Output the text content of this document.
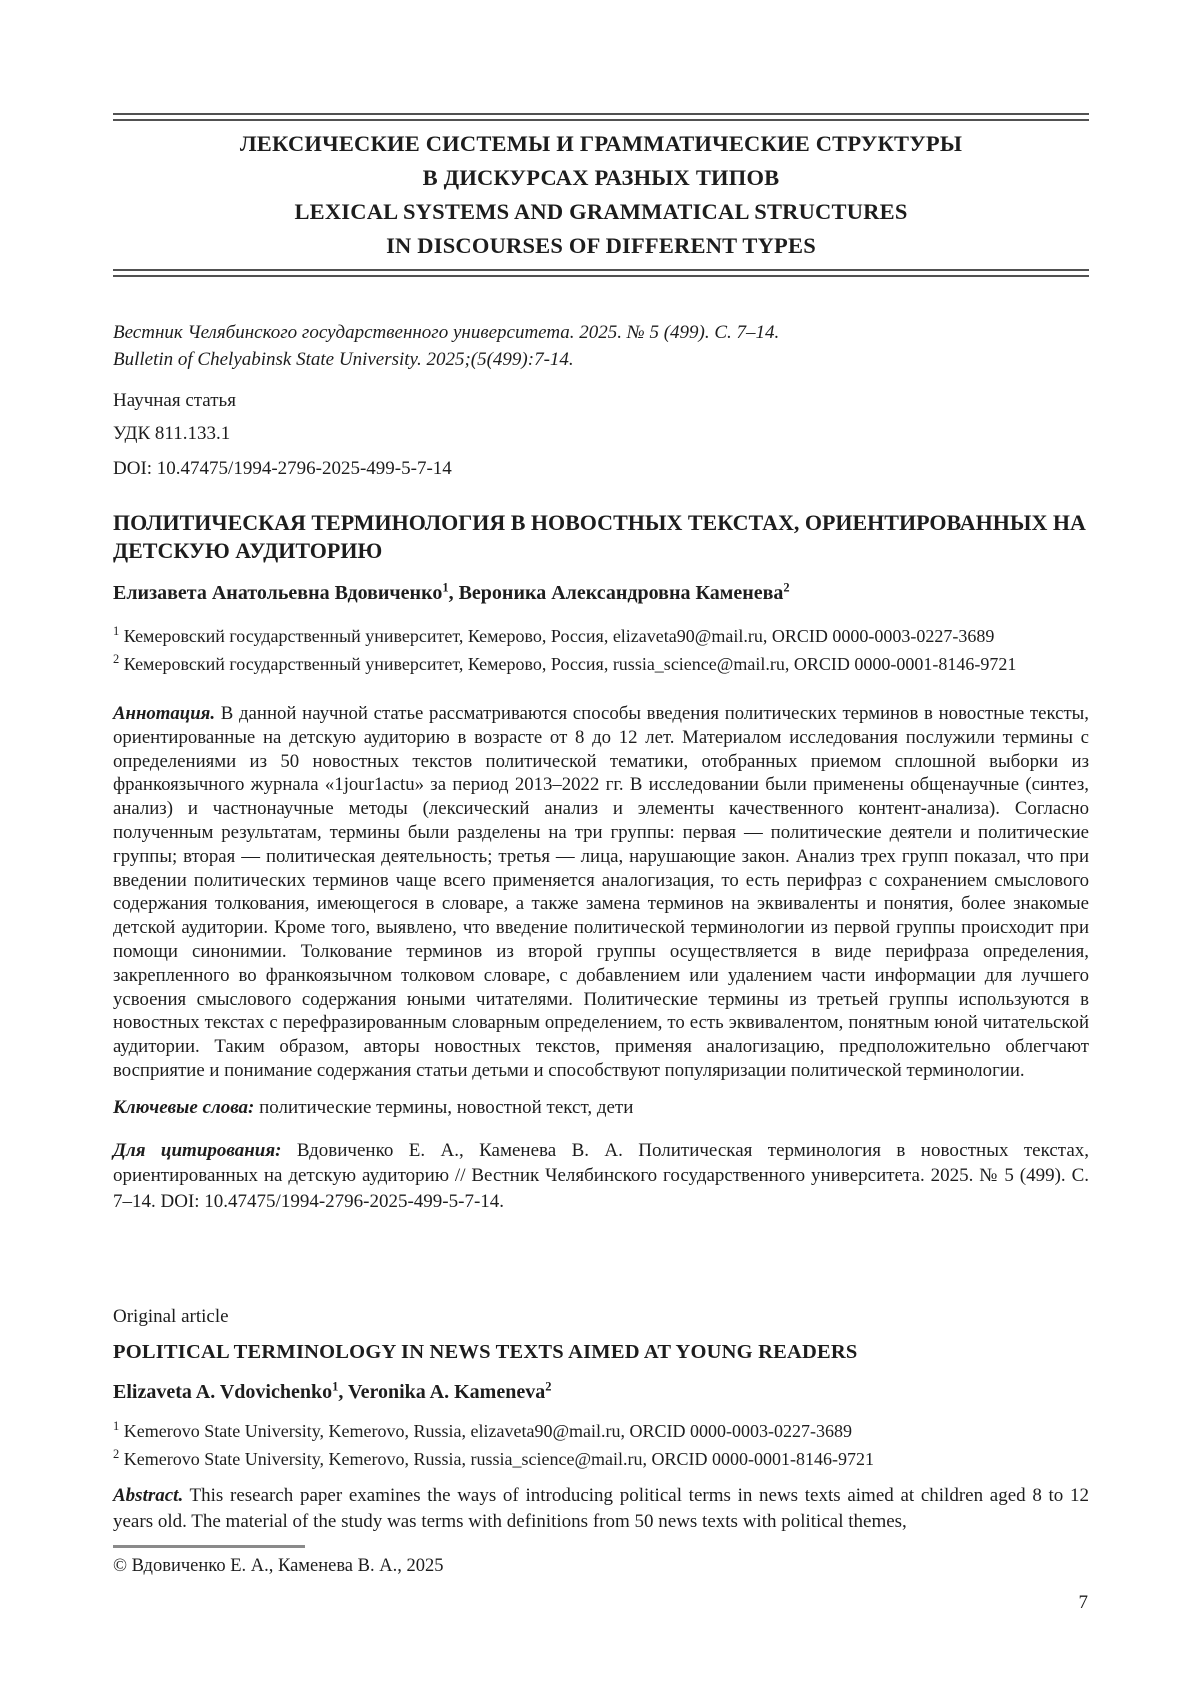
ЛЕКСИЧЕСКИЕ СИСТЕМЫ И ГРАММАТИЧЕСКИЕ СТРУКТУРЫ
В ДИСКУРСАХ РАЗНЫХ ТИПОВ
LEXICAL SYSTEMS AND GRAMMATICAL STRUCTURES
IN DISCOURSES OF DIFFERENT TYPES
Вестник Челябинского государственного университета. 2025. № 5 (499). С. 7–14.
Bulletin of Chelyabinsk State University. 2025;(5(499):7-14.
Научная статья
УДК 811.133.1
DOI: 10.47475/1994-2796-2025-499-5-7-14
ПОЛИТИЧЕСКАЯ ТЕРМИНОЛОГИЯ В НОВОСТНЫХ ТЕКСТАХ, ОРИЕНТИРОВАННЫХ НА ДЕТСКУЮ АУДИТОРИЮ
Елизавета Анатольевна Вдовиченко$^1$, Вероника Александровна Каменева$^2$
$^1$ Кемеровский государственный университет, Кемерово, Россия, elizaveta90@mail.ru, ORCID 0000-0003-0227-3689
$^2$ Кемеровский государственный университет, Кемерово, Россия, russia_science@mail.ru, ORCID 0000-0001-8146-9721
Аннотация. В данной научной статье рассматриваются способы введения политических терминов в новостные тексты, ориентированные на детскую аудиторию в возрасте от 8 до 12 лет. Материалом исследования послужили термины с определениями из 50 новостных текстов политической тематики, отобранных приемом сплошной выборки из франкоязычного журнала «1jour1actu» за период 2013–2022 гг. В исследовании были применены общенаучные (синтез, анализ) и частнонаучные методы (лексический анализ и элементы качественного контент-анализа). Согласно полученным результатам, термины были разделены на три группы: первая — политические деятели и политические группы; вторая — политическая деятельность; третья — лица, нарушающие закон. Анализ трех групп показал, что при введении политических терминов чаще всего применяется аналогизация, то есть перифраз с сохранением смыслового содержания толкования, имеющегося в словаре, а также замена терминов на эквиваленты и понятия, более знакомые детской аудитории. Кроме того, выявлено, что введение политической терминологии из первой группы происходит при помощи синонимии. Толкование терминов из второй группы осуществляется в виде перифраза определения, закрепленного во франкоязычном толковом словаре, с добавлением или удалением части информации для лучшего усвоения смыслового содержания юными читателями. Политические термины из третьей группы используются в новостных текстах с перефразированным словарным определением, то есть эквивалентом, понятным юной читательской аудитории. Таким образом, авторы новостных текстов, применяя аналогизацию, предположительно облегчают восприятие и понимание содержания статьи детьми и способствуют популяризации политической терминологии.
Ключевые слова: политические термины, новостной текст, дети
Для цитирования: Вдовиченко Е. А., Каменева В. А. Политическая терминология в новостных текстах, ориентированных на детскую аудиторию // Вестник Челябинского государственного университета. 2025. № 5 (499). С. 7–14. DOI: 10.47475/1994-2796-2025-499-5-7-14.
Original article
POLITICAL TERMINOLOGY IN NEWS TEXTS AIMED AT YOUNG READERS
Elizaveta A. Vdovichenko$^1$, Veronika A. Kameneva$^2$
$^1$ Kemerovo State University, Kemerovo, Russia, elizaveta90@mail.ru, ORCID 0000-0003-0227-3689
$^2$ Kemerovo State University, Kemerovo, Russia, russia_science@mail.ru, ORCID 0000-0001-8146-9721
Abstract. This research paper examines the ways of introducing political terms in news texts aimed at children aged 8 to 12 years old. The material of the study was terms with definitions from 50 news texts with political themes,
© Вдовиченко Е. А., Каменева В. А., 2025
7
